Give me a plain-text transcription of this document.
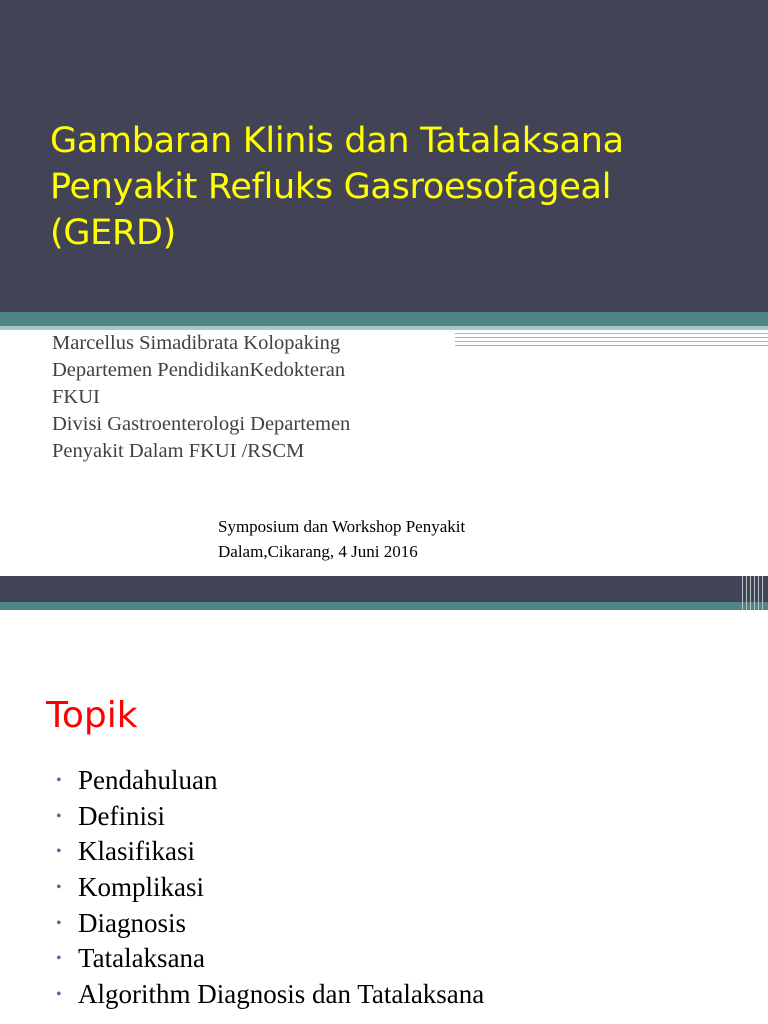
Gambaran Klinis dan Tatalaksana
Penyakit Refluks Gasroesofageal
(GERD)
Marcellus Simadibrata Kolopaking
Departemen PendidikanKedokteran
FKUI
Divisi Gastroenterologi Departemen
Penyakit Dalam FKUI /RSCM
Symposium dan Workshop Penyakit
Dalam,Cikarang, 4 Juni 2016
Topik
• Pendahuluan
• Definisi
• Klasifikasi
• Komplikasi
• Diagnosis
• Tatalaksana
• Algorithm Diagnosis dan Tatalaksana
